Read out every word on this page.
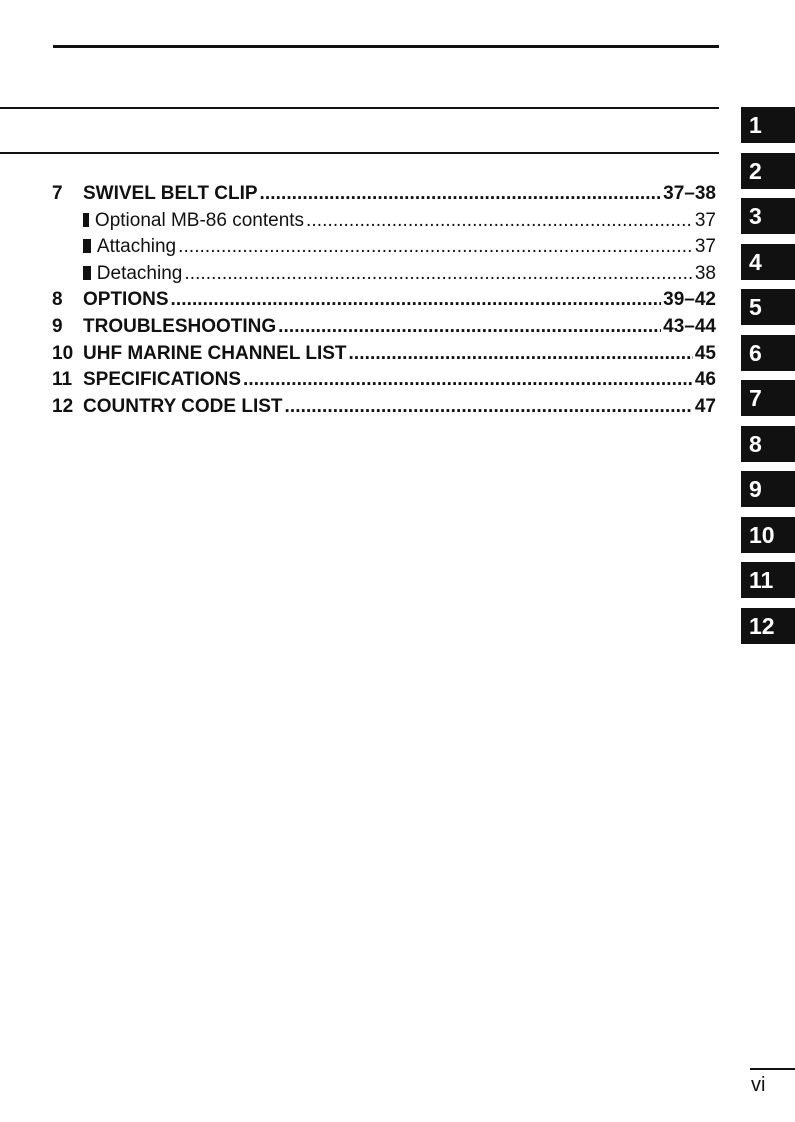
7	SWIVEL BELT CLIP . . .	37–38
Optional MB-86 contents . . .	37
Attaching . . .	37
Detaching . . .	38
8	OPTIONS . . .	39–42
9	TROUBLESHOOTING . . .	43–44
10 UHF MARINE CHANNEL LIST . . .	45
11 SPECIFICATIONS . . .	46
12 COUNTRY CODE LIST . . .	47
1
2
3
4
5
6
7
8
9
10
11
12
vi
